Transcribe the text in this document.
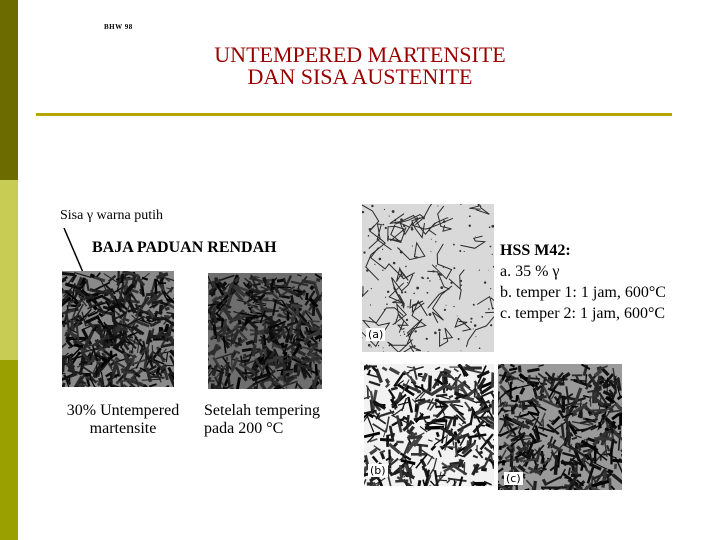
BHW 98
UNTEMPERED MARTENSITE
DAN SISA AUSTENITE
Sisa γ warna putih
BAJA PADUAN RENDAH
30% Untempered
martensite
Setelah tempering
pada 200 °C
(a)
(b)
(c)
HSS M42:
a. 35 % γ
b. temper 1: 1 jam, 600°C
c. temper 2: 1 jam, 600°C
